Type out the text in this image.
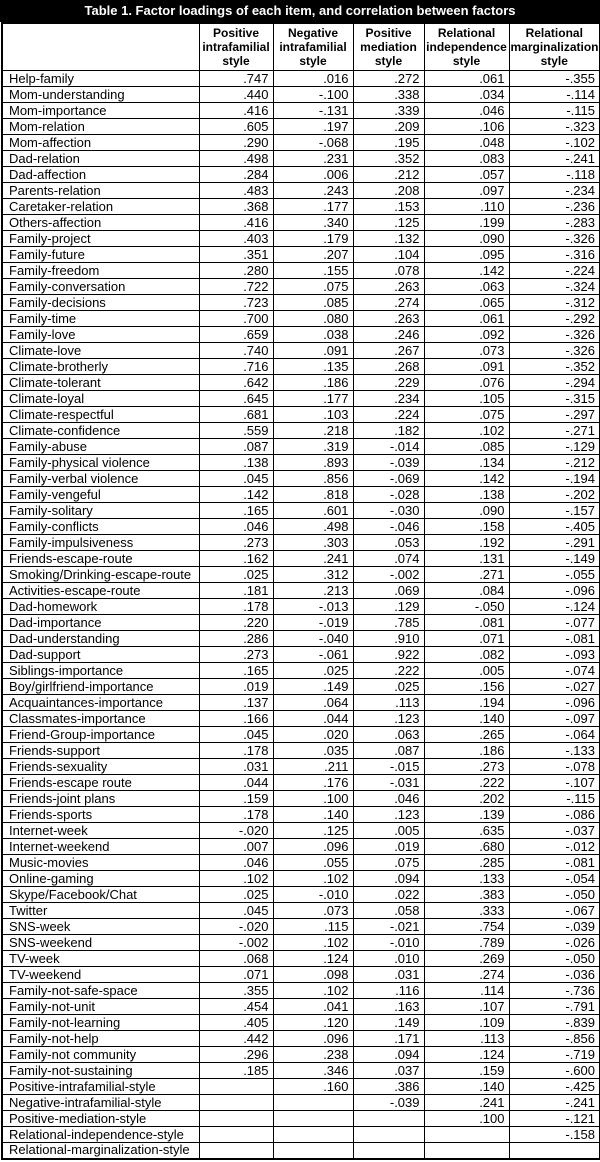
Table 1. Factor loadings of each item, and correlation between factors
	Positive intrafamilial style	Negative intrafamilial style	Positive mediation style	Relational independence style	Relational marginalization style
Help-family	.747	.016	.272	.061	-.355
Mom-understanding	.440	-.100	.338	.034	-.114
Mom-importance	.416	-.131	.339	.046	-.115
Mom-relation	.605	.197	.209	.106	-.323
Mom-affection	.290	-.068	.195	.048	-.102
Dad-relation	.498	.231	.352	.083	-.241
Dad-affection	.284	.006	.212	.057	-.118
Parents-relation	.483	.243	.208	.097	-.234
Caretaker-relation	.368	.177	.153	.110	-.236
Others-affection	.416	.340	.125	.199	-.283
Family-project	.403	.179	.132	.090	-.326
Family-future	.351	.207	.104	.095	-.316
Family-freedom	.280	.155	.078	.142	-.224
Family-conversation	.722	.075	.263	.063	-.324
Family-decisions	.723	.085	.274	.065	-.312
Family-time	.700	.080	.263	.061	-.292
Family-love	.659	.038	.246	.092	-.326
Climate-love	.740	.091	.267	.073	-.326
Climate-brotherly	.716	.135	.268	.091	-.352
Climate-tolerant	.642	.186	.229	.076	-.294
Climate-loyal	.645	.177	.234	.105	-.315
Climate-respectful	.681	.103	.224	.075	-.297
Climate-confidence	.559	.218	.182	.102	-.271
Family-abuse	.087	.319	-.014	.085	-.129
Family-physical violence	.138	.893	-.039	.134	-.212
Family-verbal violence	.045	.856	-.069	.142	-.194
Family-vengeful	.142	.818	-.028	.138	-.202
Family-solitary	.165	.601	-.030	.090	-.157
Family-conflicts	.046	.498	-.046	.158	-.405
Family-impulsiveness	.273	.303	.053	.192	-.291
Friends-escape-route	.162	.241	.074	.131	-.149
Smoking/Drinking-escape-route	.025	.312	-.002	.271	-.055
Activities-escape-route	.181	.213	.069	.084	-.096
Dad-homework	.178	-.013	.129	-.050	-.124
Dad-importance	.220	-.019	.785	.081	-.077
Dad-understanding	.286	-.040	.910	.071	-.081
Dad-support	.273	-.061	.922	.082	-.093
Siblings-importance	.165	.025	.222	.005	-.074
Boy/girlfriend-importance	.019	.149	.025	.156	-.027
Acquaintances-importance	.137	.064	.113	.194	-.096
Classmates-importance	.166	.044	.123	.140	-.097
Friend-Group-importance	.045	.020	.063	.265	-.064
Friends-support	.178	.035	.087	.186	-.133
Friends-sexuality	.031	.211	-.015	.273	-.078
Friends-escape route	.044	.176	-.031	.222	-.107
Friends-joint plans	.159	.100	.046	.202	-.115
Friends-sports	.178	.140	.123	.139	-.086
Internet-week	-.020	.125	.005	.635	-.037
Internet-weekend	.007	.096	.019	.680	-.012
Music-movies	.046	.055	.075	.285	-.081
Online-gaming	.102	.102	.094	.133	-.054
Skype/Facebook/Chat	.025	-.010	.022	.383	-.050
Twitter	.045	.073	.058	.333	-.067
SNS-week	-.020	.115	-.021	.754	-.039
SNS-weekend	-.002	.102	-.010	.789	-.026
TV-week	.068	.124	.010	.269	-.050
TV-weekend	.071	.098	.031	.274	-.036
Family-not-safe-space	.355	.102	.116	.114	-.736
Family-not-unit	.454	.041	.163	.107	-.791
Family-not-learning	.405	.120	.149	.109	-.839
Family-not-help	.442	.096	.171	.113	-.856
Family-not community	.296	.238	.094	.124	-.719
Family-not-sustaining	.185	.346	.037	.159	-.600
Positive-intrafamilial-style		.160	.386	.140	-.425
Negative-intrafamilial-style			-.039	.241	-.241
Positive-mediation-style				.100	-.121
Relational-independence-style					-.158
Relational-marginalization-style					
